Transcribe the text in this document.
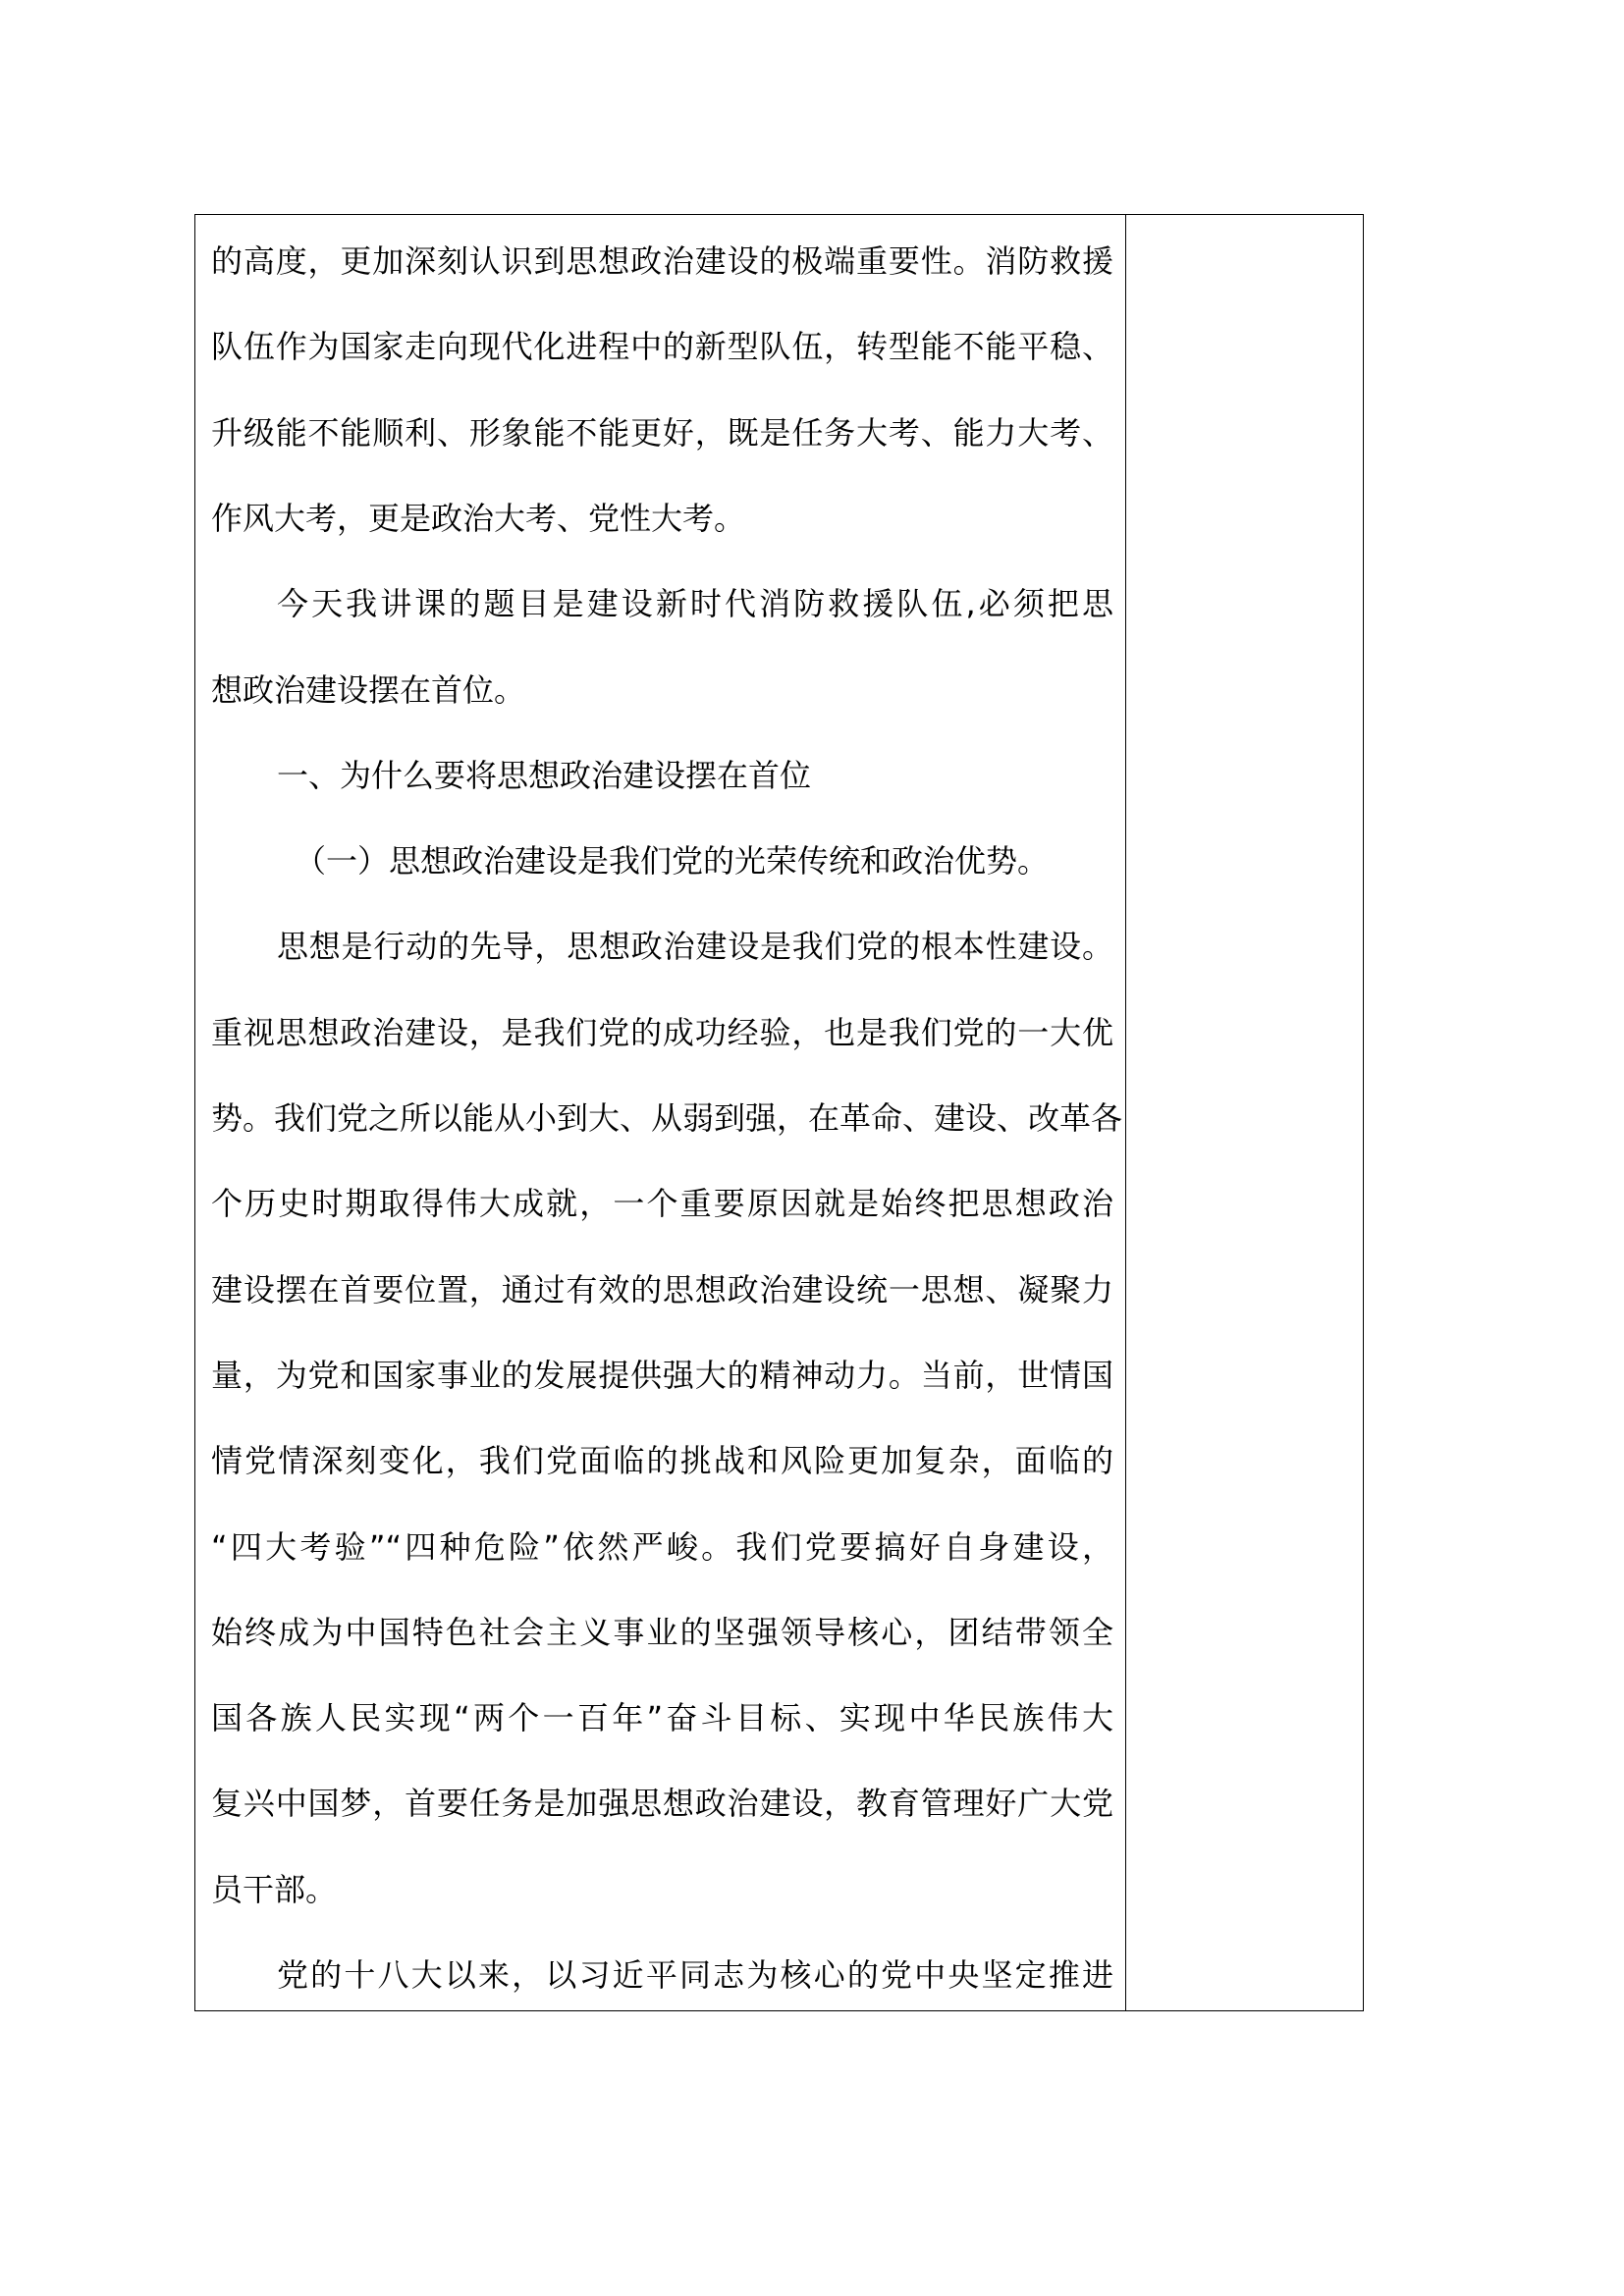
的高度，更加深刻认识到思想政治建设的极端重要性。消防救援
队伍作为国家走向现代化进程中的新型队伍，转型能不能平稳、
升级能不能顺利、形象能不能更好，既是任务大考、能力大考、
作风大考，更是政治大考、党性大考。
今天我讲课的题目是建设新时代消防救援队伍,必须把思
想政治建设摆在首位。
一、为什么要将思想政治建设摆在首位
（一）思想政治建设是我们党的光荣传统和政治优势。
思想是行动的先导，思想政治建设是我们党的根本性建设。
重视思想政治建设，是我们党的成功经验，也是我们党的一大优
势。我们党之所以能从小到大、从弱到强，在革命、建设、改革各
个历史时期取得伟大成就，一个重要原因就是始终把思想政治
建设摆在首要位置，通过有效的思想政治建设统一思想、凝聚力
量，为党和国家事业的发展提供强大的精神动力。当前，世情国
情党情深刻变化，我们党面临的挑战和风险更加复杂，面临的
“四大考验”“四种危险”依然严峻。我们党要搞好自身建设，
始终成为中国特色社会主义事业的坚强领导核心，团结带领全
国各族人民实现“两个一百年”奋斗目标、实现中华民族伟大
复兴中国梦，首要任务是加强思想政治建设，教育管理好广大党
员干部。
党的十八大以来，以习近平同志为核心的党中央坚定推进
